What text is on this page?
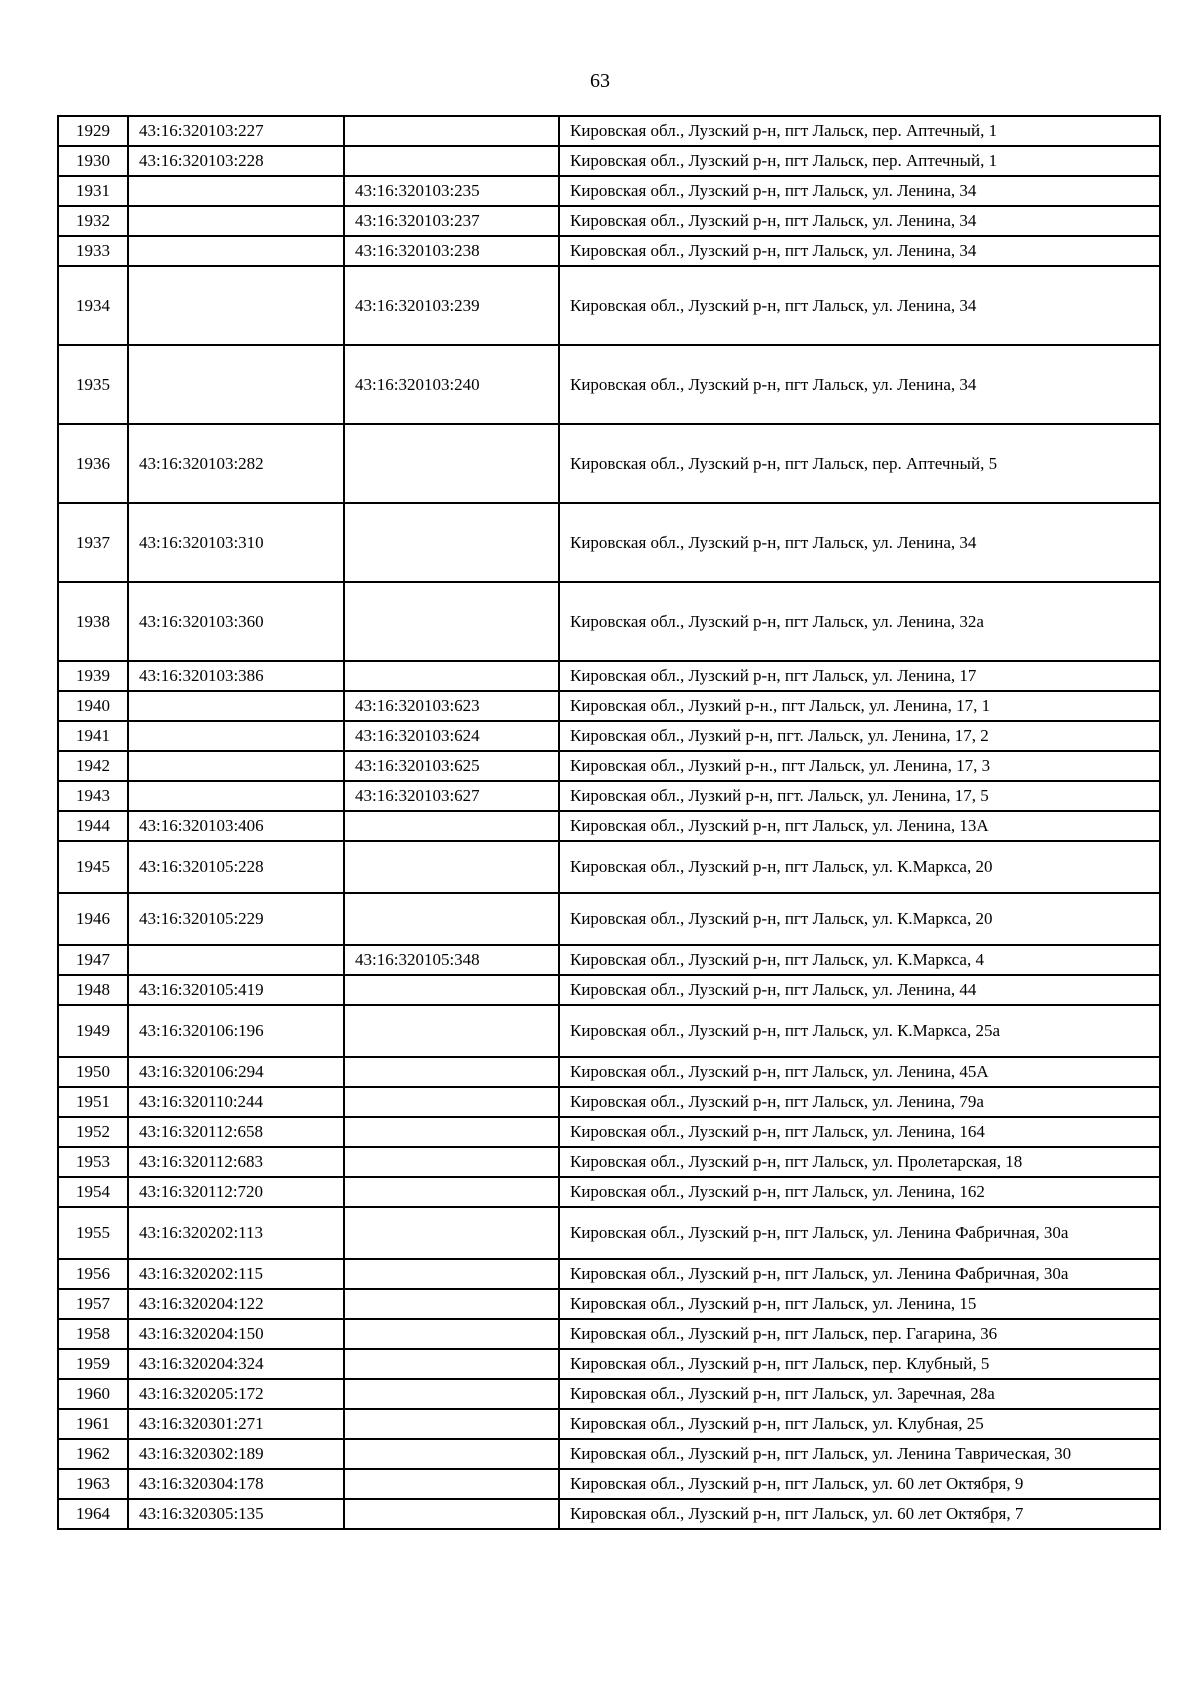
63
1929	43:16:320103:227		Кировская обл., Лузский р-н, пгт Лальск, пер. Аптечный, 1
1930	43:16:320103:228		Кировская обл., Лузский р-н, пгт Лальск, пер. Аптечный, 1
1931		43:16:320103:235	Кировская обл., Лузский р-н, пгт Лальск, ул. Ленина, 34
1932		43:16:320103:237	Кировская обл., Лузский р-н, пгт Лальск, ул. Ленина, 34
1933		43:16:320103:238	Кировская обл., Лузский р-н, пгт Лальск, ул. Ленина, 34
1934		43:16:320103:239	Кировская обл., Лузский р-н, пгт Лальск, ул. Ленина, 34
1935		43:16:320103:240	Кировская обл., Лузский р-н, пгт Лальск, ул. Ленина, 34
1936	43:16:320103:282		Кировская обл., Лузский р-н, пгт Лальск, пер. Аптечный, 5
1937	43:16:320103:310		Кировская обл., Лузский р-н, пгт Лальск, ул. Ленина, 34
1938	43:16:320103:360		Кировская обл., Лузский р-н, пгт Лальск, ул. Ленина, 32а
1939	43:16:320103:386		Кировская обл., Лузский р-н, пгт Лальск, ул. Ленина, 17
1940		43:16:320103:623	Кировская обл., Лузкий р-н., пгт Лальск, ул. Ленина, 17, 1
1941		43:16:320103:624	Кировская обл., Лузкий р-н, пгт. Лальск, ул. Ленина, 17, 2
1942		43:16:320103:625	Кировская обл., Лузкий р-н., пгт Лальск, ул. Ленина, 17, 3
1943		43:16:320103:627	Кировская обл., Лузкий р-н, пгт. Лальск, ул. Ленина, 17, 5
1944	43:16:320103:406		Кировская обл., Лузский р-н, пгт Лальск, ул. Ленина, 13А
1945	43:16:320105:228		Кировская обл., Лузский р-н, пгт Лальск, ул. К.Маркса, 20
1946	43:16:320105:229		Кировская обл., Лузский р-н, пгт Лальск, ул. К.Маркса, 20
1947		43:16:320105:348	Кировская обл., Лузский р-н, пгт Лальск, ул. К.Маркса, 4
1948	43:16:320105:419		Кировская обл., Лузский р-н, пгт Лальск, ул. Ленина, 44
1949	43:16:320106:196		Кировская обл., Лузский р-н, пгт Лальск, ул. К.Маркса, 25а
1950	43:16:320106:294		Кировская обл., Лузский р-н, пгт Лальск, ул. Ленина, 45А
1951	43:16:320110:244		Кировская обл., Лузский р-н, пгт Лальск, ул. Ленина, 79а
1952	43:16:320112:658		Кировская обл., Лузский р-н, пгт Лальск, ул. Ленина, 164
1953	43:16:320112:683		Кировская обл., Лузский р-н, пгт Лальск, ул. Пролетарская, 18
1954	43:16:320112:720		Кировская обл., Лузский р-н, пгт Лальск, ул. Ленина, 162
1955	43:16:320202:113		Кировская обл., Лузский р-н, пгт Лальск, ул. Ленина Фабричная, 30а
1956	43:16:320202:115		Кировская обл., Лузский р-н, пгт Лальск, ул. Ленина Фабричная, 30а
1957	43:16:320204:122		Кировская обл., Лузский р-н, пгт Лальск, ул. Ленина, 15
1958	43:16:320204:150		Кировская обл., Лузский р-н, пгт Лальск, пер. Гагарина, 36
1959	43:16:320204:324		Кировская обл., Лузский р-н, пгт Лальск, пер. Клубный, 5
1960	43:16:320205:172		Кировская обл., Лузский р-н, пгт Лальск, ул. Заречная, 28а
1961	43:16:320301:271		Кировская обл., Лузский р-н, пгт Лальск, ул. Клубная, 25
1962	43:16:320302:189		Кировская обл., Лузский р-н, пгт Лальск, ул. Ленина Таврическая, 30
1963	43:16:320304:178		Кировская обл., Лузский р-н, пгт Лальск, ул. 60 лет Октября, 9
1964	43:16:320305:135		Кировская обл., Лузский р-н, пгт Лальск, ул. 60 лет Октября, 7
